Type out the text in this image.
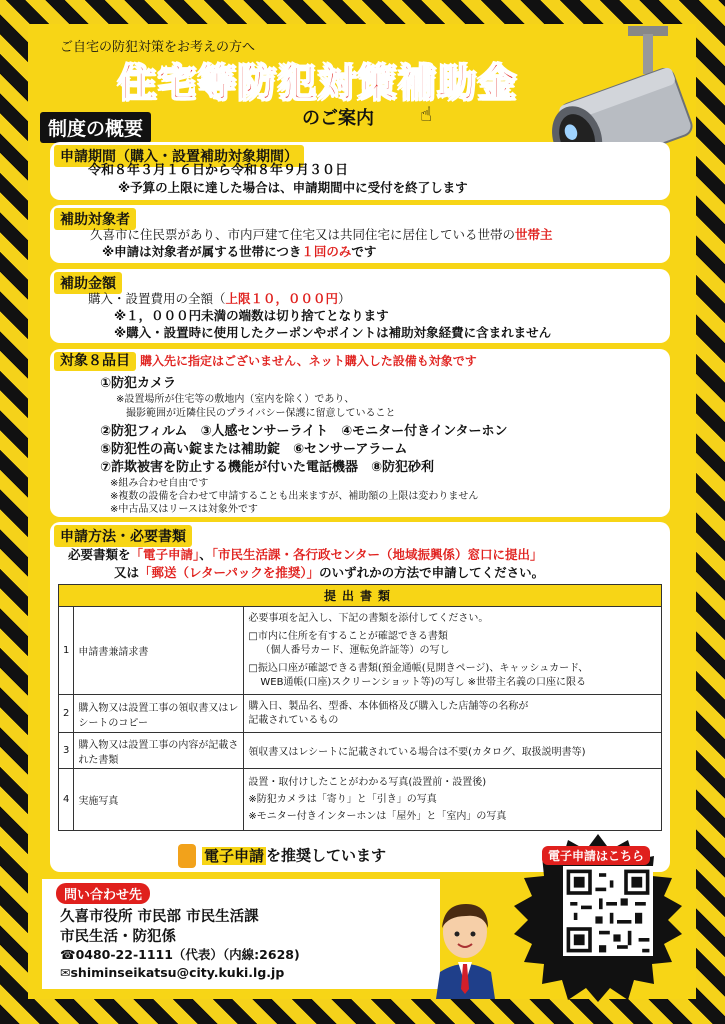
ご自宅の防犯対策をお考えの方へ
住宅等防犯対策補助金
のご案内 ☝
制度の概要
申請期間（購入・設置補助対象期間）
令和８年３月１６日から令和８年９月３０日
※予算の上限に達した場合は、申請期間中に受付を終了します
補助対象者
久喜市に住民票があり、市内戸建て住宅又は共同住宅に居住している世帯の世帯主
※申請は対象者が属する世帯につき１回のみです
補助金額
購入・設置費用の全額（上限１０，０００円）
※１，０００円未満の端数は切り捨てとなります
※購入・設置時に使用したクーポンやポイントは補助対象経費に含まれません
対象８品目 購入先に指定はございません、ネット購入した設備も対象です
①防犯カメラ
※設置場所が住宅等の敷地内（室内を除く）であり、
撮影範囲が近隣住民のプライバシー保護に留意していること
②防犯フィルム　③人感センサーライト　④モニター付きインターホン
⑤防犯性の高い錠または補助錠　⑥センサーアラーム
⑦詐欺被害を防止する機能が付いた電話機器　⑧防犯砂利
※組み合わせ自由です
※複数の設備を合わせて申請することも出来ますが、補助額の上限は変わりません
※中古品又はリースは対象外です
申請方法・必要書類
必要書類を「電子申請」、「市民生活課・各行政センター（地域振興係）窓口に提出」
又は「郵送（レターパックを推奨）」のいずれかの方法で申請してください。
提出書類		
1	申請書兼請求書	必要事項を記入し、下記の書類を添付してください。
□市内に住所を有することが確認できる書類
（個人番号カード、運転免許証等）の写し
□振込口座が確認できる書類(預金通帳(見開きページ)、キャッシュカード、
WEB通帳(口座)スクリーンショット等)の写し ※世帯主名義の口座に限る

2	購入物又は設置工事の領収書又はレシートのコピー	購入日、製品名、型番、本体価格及び購入した店舗等の名称が
記載されているもの

3	購入物又は設置工事の内容が記載された書類	領収書又はレシートに記載されている場合は不要(カタログ、取扱説明書等)
4	実施写真	設置・取付けしたことがわかる写真(設置前・設置後)
※防犯カメラは「寄り」と「引き」の写真
※モニター付きインターホンは「屋外」と「室内」の写真
電子申請 を推奨しています
問い合わせ先
久喜市役所 市民部 市民生活課
市民生活・防犯係
☎0480-22-1111（代表）（内線:2628)
✉shiminseikatsu@city.kuki.lg.jp
電子申請はこちら
